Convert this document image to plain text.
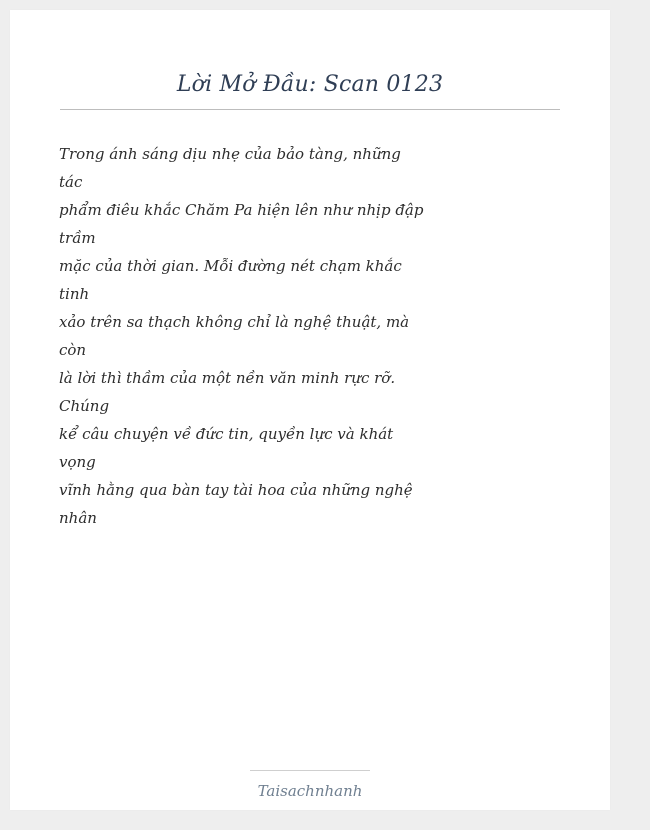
Lời Mở Đầu: Scan 0123
Trong ánh sáng dịu nhẹ của bảo tàng, những
tác
phẩm điêu khắc Chăm Pa hiện lên như nhịp đập
trầm
mặc của thời gian. Mỗi đường nét chạm khắc
tinh
xảo trên sa thạch không chỉ là nghệ thuật, mà
còn
là lời thì thầm của một nền văn minh rực rỡ.
Chúng
kể câu chuyện về đức tin, quyền lực và khát
vọng
vĩnh hằng qua bàn tay tài hoa của những nghệ
nhân
Taisachnhanh
